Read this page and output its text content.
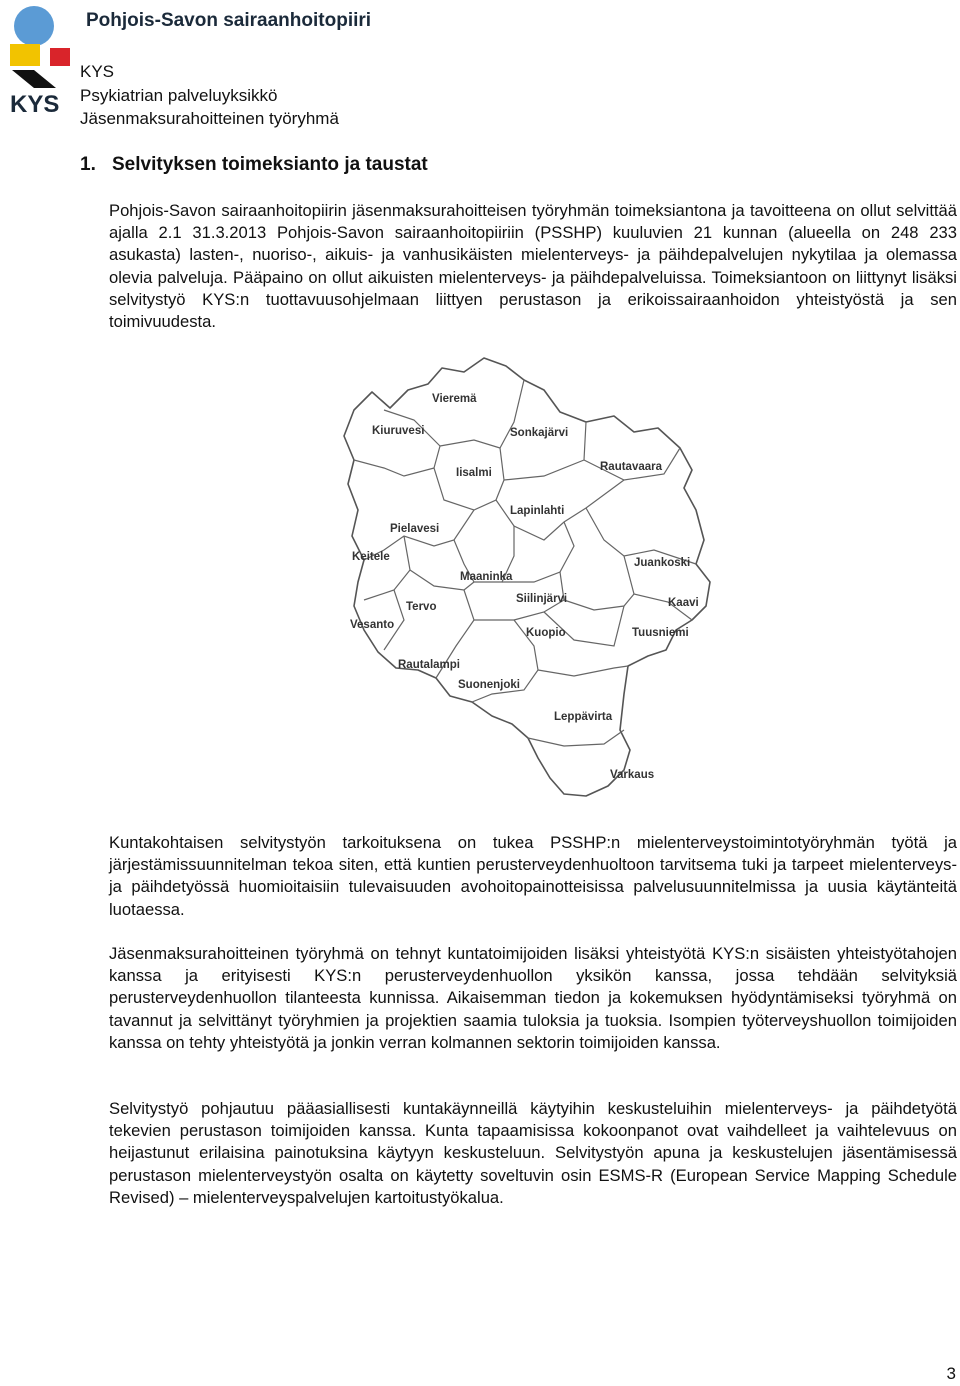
KYS
Pohjois-Savon sairaanhoitopiiri
KYS
Psykiatrian palveluyksikkö
Jäsenmaksurahoitteinen työryhmä
1. Selvityksen toimeksianto ja taustat

Pohjois-Savon sairaanhoitopiirin jäsenmaksurahoitteisen työryhmän toimeksiantona ja tavoitteena on ollut selvittää ajalla 2.1 31.3.2013 Pohjois-Savon sairaanhoitopiiriin (PSSHP) kuuluvien 21 kunnan (alueella on 248 233 asukasta) lasten-, nuoriso-, aikuis- ja vanhusikäisten mielenterveys- ja päihdepalvelujen nykytilaa ja olemassa olevia palveluja. Pääpaino on ollut aikuisten mielenterveys- ja päihdepalveluissa. Toimeksiantoon on liittynyt lisäksi selvitystyö KYS:n tuottavuusohjelmaan liittyen perustason ja erikoissairaanhoidon yhteistyöstä ja sen toimivuudesta.

Vieremä
Kiuruvesi	Sonkajärvi
Iisalmi	Rautavaara
Lapinlahti
Pielavesi
Keitele	Juankoski
Maaninka
Siilinjärvi
Tervo	Kaavi
Vesanto
Kuopio	Tuusniemi
Rautalampi
Suonenjoki
Leppävirta
Varkaus

Kuntakohtaisen selvitystyön tarkoituksena on tukea PSSHP:n mielenterveystoimintotyöryhmän työtä ja järjestämissuunnitelman tekoa siten, että kuntien perusterveydenhuoltoon tarvitsema tuki ja tarpeet mielenterveys- ja päihdetyössä huomioitaisiin tulevaisuuden avohoitopainotteisissa palvelusuunnitelmissa ja uusia käytänteitä luotaessa.

Jäsenmaksurahoitteinen työryhmä on tehnyt kuntatoimijoiden lisäksi yhteistyötä KYS:n sisäisten yhteistyötahojen kanssa ja erityisesti KYS:n perusterveydenhuollon yksikön kanssa, jossa tehdään selvityksiä perusterveydenhuollon tilanteesta kunnissa. Aikaisemman tiedon ja kokemuksen hyödyntämiseksi työryhmä on tavannut ja selvittänyt työryhmien ja projektien saamia tuloksia ja tuoksia. Isompien työterveyshuollon toimijoiden kanssa on tehty yhteistyötä ja jonkin verran kolmannen sektorin toimijoiden kanssa.

Selvitystyö pohjautuu pääasiallisesti kuntakäynneillä käytyihin keskusteluihin mielenterveys- ja päihdetyötä tekevien perustason toimijoiden kanssa. Kunta tapaamisissa kokoonpanot ovat vaihdelleet ja vaihtelevuus on heijastunut erilaisina painotuksina käytyyn keskusteluun. Selvitystyön apuna ja keskustelujen jäsentämisessä perustason mielenterveystyön osalta on käytetty soveltuvin osin ESMS-R (European Service Mapping Schedule Revised) – mielenterveyspalvelujen kartoitustyökalua.

3
